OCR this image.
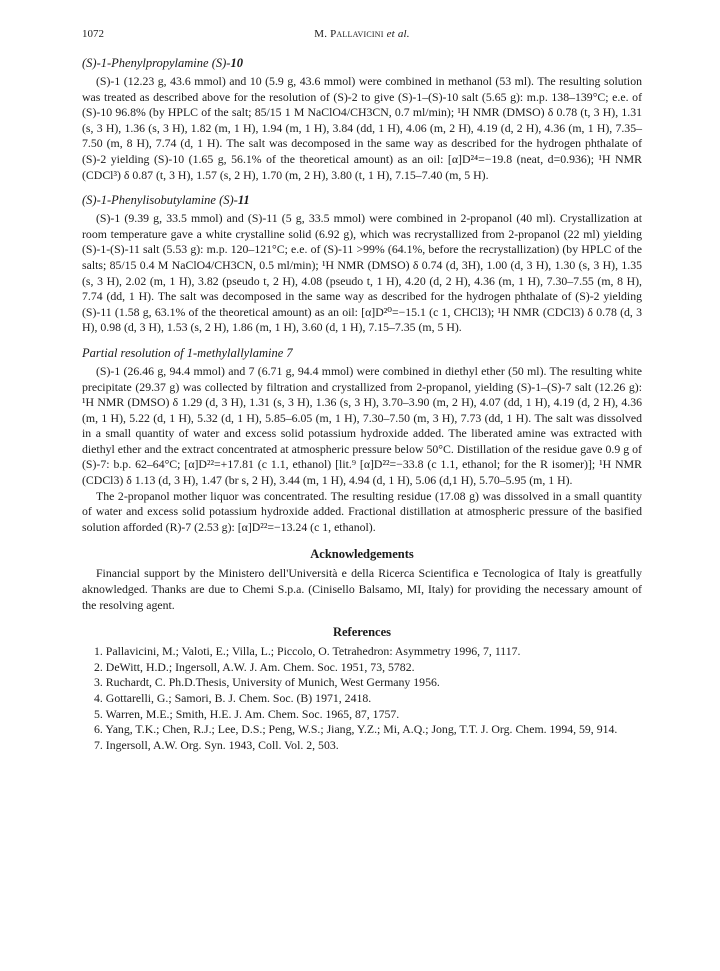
1072	M. Pallavicini et al.
(S)-1-Phenylpropylamine (S)-10

(S)-1 (12.23 g, 43.6 mmol) and 10 (5.9 g, 43.6 mmol) were combined in methanol (53 ml). The resulting solution was treated as described above for the resolution of (S)-2 to give (S)-1–(S)-10 salt (5.65 g): m.p. 138–139°C; e.e. of (S)-10 96.8% (by HPLC of the salt; 85/15 1 M NaClO4/CH3CN, 0.7 ml/min); ¹H NMR (DMSO) δ 0.78 (t, 3 H), 1.31 (s, 3 H), 1.36 (s, 3 H), 1.82 (m, 1 H), 1.94 (m, 1 H), 3.84 (dd, 1 H), 4.06 (m, 2 H), 4.19 (d, 2 H), 4.36 (m, 1 H), 7.35–7.50 (m, 8 H), 7.74 (d, 1 H). The salt was decomposed in the same way as described for the hydrogen phthalate of (S)-2 yielding (S)-10 (1.65 g, 56.1% of the theoretical amount) as an oil: [α]D²⁴=−19.8 (neat, d=0.936); ¹H NMR (CDCl³) δ 0.87 (t, 3 H), 1.57 (s, 2 H), 1.70 (m, 2 H), 3.80 (t, 1 H), 7.15–7.40 (m, 5 H).

(S)-1-Phenylisobutylamine (S)-11

(S)-1 (9.39 g, 33.5 mmol) and (S)-11 (5 g, 33.5 mmol) were combined in 2-propanol (40 ml). Crystallization at room temperature gave a white crystalline solid (6.92 g), which was recrystallized from 2-propanol (22 ml) yielding (S)-1-(S)-11 salt (5.53 g): m.p. 120–121°C; e.e. of (S)-11 >99% (64.1%, before the recrystallization) (by HPLC of the salts; 85/15 0.4 M NaClO4/CH3CN, 0.5 ml/min); ¹H NMR (DMSO) δ 0.74 (d, 3H), 1.00 (d, 3 H), 1.30 (s, 3 H), 1.35 (s, 3 H), 2.02 (m, 1 H), 3.82 (pseudo t, 2 H), 4.08 (pseudo t, 1 H), 4.20 (d, 2 H), 4.36 (m, 1 H), 7.30–7.55 (m, 8 H), 7.74 (dd, 1 H). The salt was decomposed in the same way as described for the hydrogen phthalate of (S)-2 yielding (S)-11 (1.58 g, 63.1% of the theoretical amount) as an oil: [α]D²⁰=−15.1 (c 1, CHCl3); ¹H NMR (CDCl3) δ 0.78 (d, 3 H), 0.98 (d, 3 H), 1.53 (s, 2 H), 1.86 (m, 1 H), 3.60 (d, 1 H), 7.15–7.35 (m, 5 H).

Partial resolution of 1-methylallylamine 7

(S)-1 (26.46 g, 94.4 mmol) and 7 (6.71 g, 94.4 mmol) were combined in diethyl ether (50 ml). The resulting white precipitate (29.37 g) was collected by filtration and crystallized from 2-propanol, yielding (S)-1–(S)-7 salt (12.26 g): ¹H NMR (DMSO) δ 1.29 (d, 3 H), 1.31 (s, 3 H), 1.36 (s, 3 H), 3.70–3.90 (m, 2 H), 4.07 (dd, 1 H), 4.19 (d, 2 H), 4.36 (m, 1 H), 5.22 (d, 1 H), 5.32 (d, 1 H), 5.85–6.05 (m, 1 H), 7.30–7.50 (m, 3 H), 7.73 (dd, 1 H). The salt was dissolved in a small quantity of water and excess solid potassium hydroxide added. The liberated amine was extracted with diethyl ether and the extract concentrated at atmospheric pressure below 50°C. Distillation of the residue gave 0.9 g of (S)-7: b.p. 62–64°C; [α]D²²=+17.81 (c 1.1, ethanol) [lit.⁹ [α]D²²=−33.8 (c 1.1, ethanol; for the R isomer)]; ¹H NMR (CDCl3) δ 1.13 (d, 3 H), 1.47 (br s, 2 H), 3.44 (m, 1 H), 4.94 (d, 1 H), 5.06 (d,1 H), 5.70–5.95 (m, 1 H).

The 2-propanol mother liquor was concentrated. The resulting residue (17.08 g) was dissolved in a small quantity of water and excess solid potassium hydroxide added. Fractional distillation at atmospheric pressure of the basified solution afforded (R)-7 (2.53 g): [α]D²²=−13.24 (c 1, ethanol).

Acknowledgements

Financial support by the Ministero dell'Università e della Ricerca Scientifica e Tecnologica of Italy is greatfully aknowledged. Thanks are due to Chemi S.p.a. (Cinisello Balsamo, MI, Italy) for providing the necessary amount of the resolving agent.

References
1. Pallavicini, M.; Valoti, E.; Villa, L.; Piccolo, O. Tetrahedron: Asymmetry 1996, 7, 1117.
2. DeWitt, H.D.; Ingersoll, A.W. J. Am. Chem. Soc. 1951, 73, 5782.
3. Ruchardt, C. Ph.D.Thesis, University of Munich, West Germany 1956.
4. Gottarelli, G.; Samori, B. J. Chem. Soc. (B) 1971, 2418.
5. Warren, M.E.; Smith, H.E. J. Am. Chem. Soc. 1965, 87, 1757.
6. Yang, T.K.; Chen, R.J.; Lee, D.S.; Peng, W.S.; Jiang, Y.Z.; Mi, A.Q.; Jong, T.T. J. Org. Chem. 1994, 59, 914.
7. Ingersoll, A.W. Org. Syn. 1943, Coll. Vol. 2, 503.
